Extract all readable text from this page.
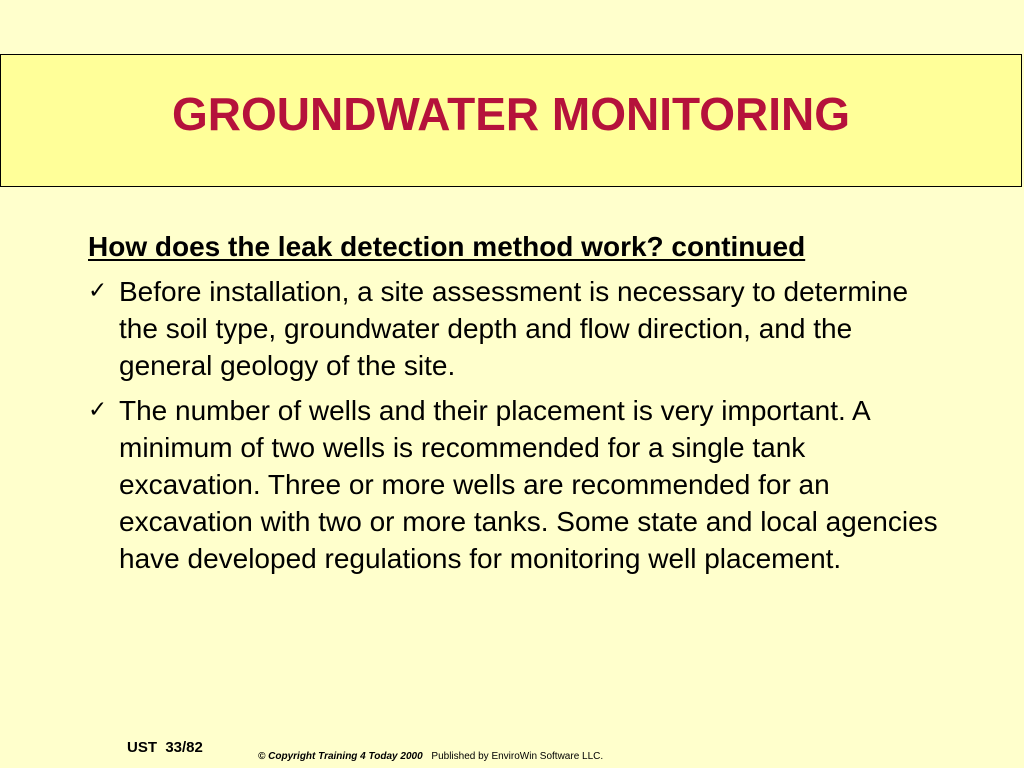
GROUNDWATER MONITORING
How does the leak detection method work? continued
✓ Before installation, a site assessment is necessary to determine the soil type, groundwater depth and flow direction, and the general geology of the site.
✓ The number of wells and their placement is very important. A minimum of two wells is recommended for a single tank excavation. Three or more wells are recommended for an excavation with two or more tanks. Some state and local agencies have developed regulations for monitoring well placement.
UST  33/82
© Copyright Training 4 Today 2000 Published by EnviroWin Software LLC.
